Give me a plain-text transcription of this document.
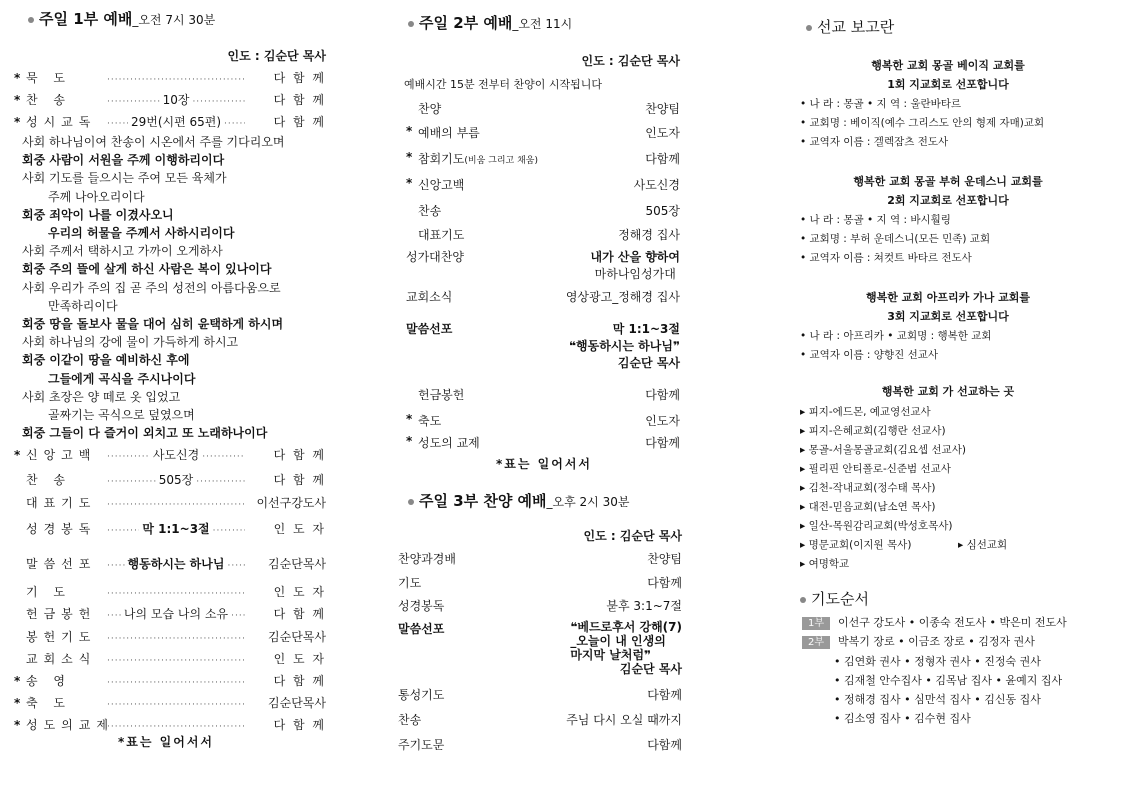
주일 1부 예배_오전 7시 30분
인도 : 김순단 목사
* 묵 도 ·····	다 함 께
* 찬 송 ·····	10장 ·····	다 함 께
* 성시교독 ·····	29번(시편 65편) ·····	다 함 께
사회 하나님이여 찬송이 시온에서 주를 기다리오며
회중 사람이 서원을 주께 이행하리이다
사회 기도를 들으시는 주여 모든 육체가
주께 나아오리이다
회중 죄악이 나를 이겼사오니
우리의 허물을 주께서 사하시리이다
사회 주께서 택하시고 가까이 오게하사
회중 주의 뜰에 살게 하신 사람은 복이 있나이다
사회 우리가 주의 집 곧 주의 성전의 아름다움으로
만족하리이다
회중 땅을 돌보사 물을 대어 심히 윤택하게 하시며
사회 하나님의 강에 물이 가득하게 하시고
회중 이같이 땅을 예비하신 후에
그들에게 곡식을 주시나이다
사회 초장은 양 떼로 옷 입었고
골짜기는 곡식으로 덮였으며
회중 그들이 다 즐거이 외치고 또 노래하나이다
* 신앙고백 ·····	사도신경 ·····	다 함 께
찬 송 ·····	505장 ·····	다 함 께
대표기도 ·····	이선구강도사
성경봉독 ·····	막 1:1~3절 ·····	인 도 자
말씀선포 ·····	행동하시는 하나님 ·····	김순단목사
기 도 ·····	인 도 자
헌금봉헌 ·····	나의 모습 나의 소유 ·····	다 함 께
봉헌기도 ·····	김순단목사
교회소식 ·····	인 도 자
* 송 영 ·····	다 함 께
* 축 도 ·····	김순단목사
* 성도의교제 ·····	다 함 께
*표는 일어서서
주일 2부 예배_오전 11시
인도 : 김순단 목사
예배시간 15분 전부터 찬양이 시작됩니다
찬양	찬양팀
* 예배의 부름	인도자
* 참회기도(비움 그리고 채움)	다함께
* 신앙고백	사도신경
찬송	505장
대표기도	정해경 집사
성가대찬양	내가 산을 향하여
마하나임성가대
교회소식	영상광고_정해경 집사
말씀선포	막 1:1~3절
❝행동하시는 하나님❞
김순단 목사
헌금봉헌	다함께
* 축도	인도자
* 성도의 교제	다함께
*표는 일어서서
주일 3부 찬양 예배_오후 2시 30분
인도 : 김순단 목사
찬양과경배	찬양팀
기도	다함께
성경봉독	붇후 3:1~7절
말씀선포	❝베드로후서 강해(7)
_오늘이 내 인생의
마지막 날처럼❞
김순단 목사
통성기도	다함께
찬송	주님 다시 오실 때까지
주기도문	다함께
선교 보고란
행복한 교회 몽골 베이직 교회를
1회 지교회로 선포합니다
• 나 라 : 몽골 • 지 역 : 울란바타르
• 교회명 : 베이직(예수 그리스도 안의 형제 자매)교회
• 교역자 이름 : 겔렉잠츠 전도사
행복한 교회 몽골 부허 운데스니 교회를
2회 지교회로 선포합니다
• 나 라 : 몽골 • 지 역 : 바시훨링
• 교회명 : 부허 운데스니(모든 민족) 교회
• 교역자 이름 : 쳐컷트 바타르 전도사
행복한 교회 아프리카 가나 교회를
3회 지교회로 선포합니다
• 나 라 : 아프리카 • 교회명 : 행복한 교회
• 교역자 이름 : 양향진 선교사
행복한 교회 가 선교하는 곳
▸ 피지-에드몬, 예교영선교사
▸ 피지-은혜교회(김행란 선교사)
▸ 몽골-서울몽골교회(김요셉 선교사)
▸ 필리핀 안티폴로-신준범 선교사
▸ 김천-작내교회(정수태 목사)
▸ 대전-믿음교회(남소연 목사)
▸ 일산-목원감리교회(박성호목사)
▸ 명문교회(이지원 목사)	▸ 심선교회
▸ 여명학교
기도순서
1부 이선구 강도사 • 이종숙 전도사 • 박은미 전도사
2부 박복기 장로 • 이금조 장로 • 김정자 권사
• 김연화 권사 • 정형자 권사 • 진정숙 권사
• 김재철 안수집사 • 김목남 집사 • 윤예지 집사
• 정해경 집사 • 심만석 집사 • 김신동 집사
• 김소영 집사 • 김수현 집사
